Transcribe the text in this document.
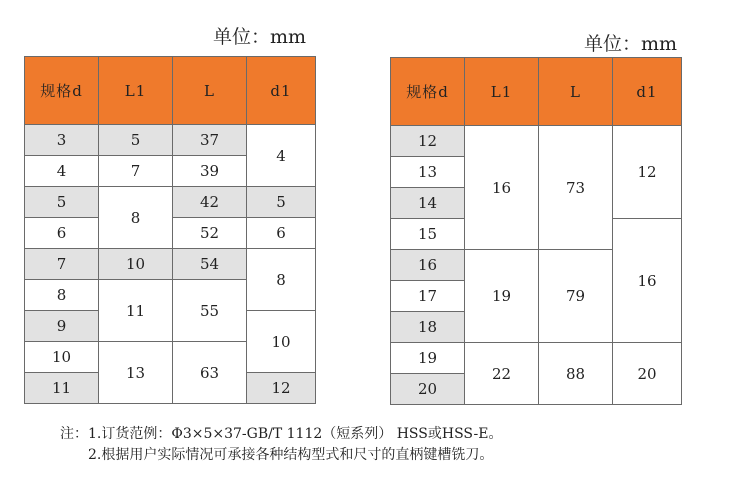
单位：mm	单位：mm
规格d	L1	L	d1
3	5	37	4
4	7	39	
5	8	42	5
6		52	6
7	10	54	8
8	11	55	
9			10
10	13	63	
11			12
规格d	L1	L	d1
12	16	73	12
13			
14			
15			16
16	19	79	
17			
18			
19	22	88	20
20			
注：1.订货范例：Φ3×5×37-GB/T 1112（短系列） HSS或HSS-E。
2.根据用户实际情况可承接各种结构型式和尺寸的直柄键槽铣刀。
